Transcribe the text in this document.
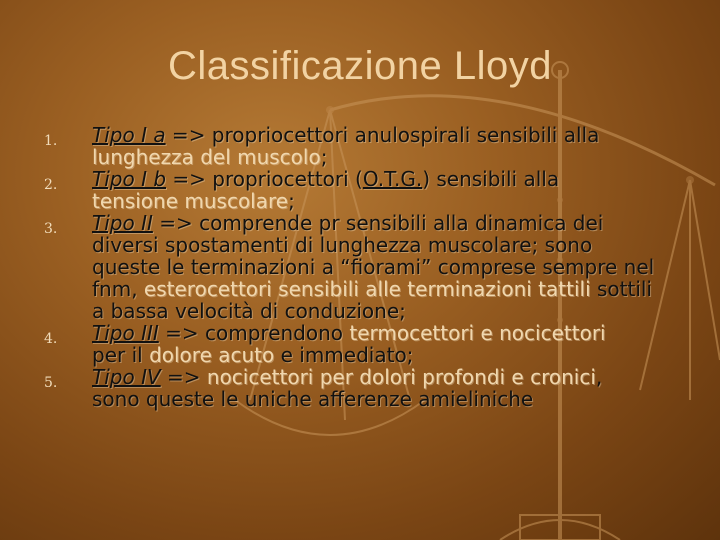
Classificazione Lloyd
1.	Tipo I a => propriocettori anulospirali sensibili alla

lunghezza del muscolo;

2.	Tipo I b => propriocettori (O.T.G.) sensibili alla

tensione muscolare;

3.	Tipo II => comprende pr sensibili alla dinamica dei

diversi spostamenti di lunghezza muscolare; sono

queste le terminazioni a “fiorami” comprese sempre nel

fnm, esterocettori sensibili alle terminazioni tattili sottili

a bassa velocità di conduzione;

4.	Tipo III => comprendono termocettori e nocicettori

per il dolore acuto e immediato;

5.	Tipo IV => nocicettori per dolori profondi e cronici,

sono queste le uniche afferenze amieliniche
